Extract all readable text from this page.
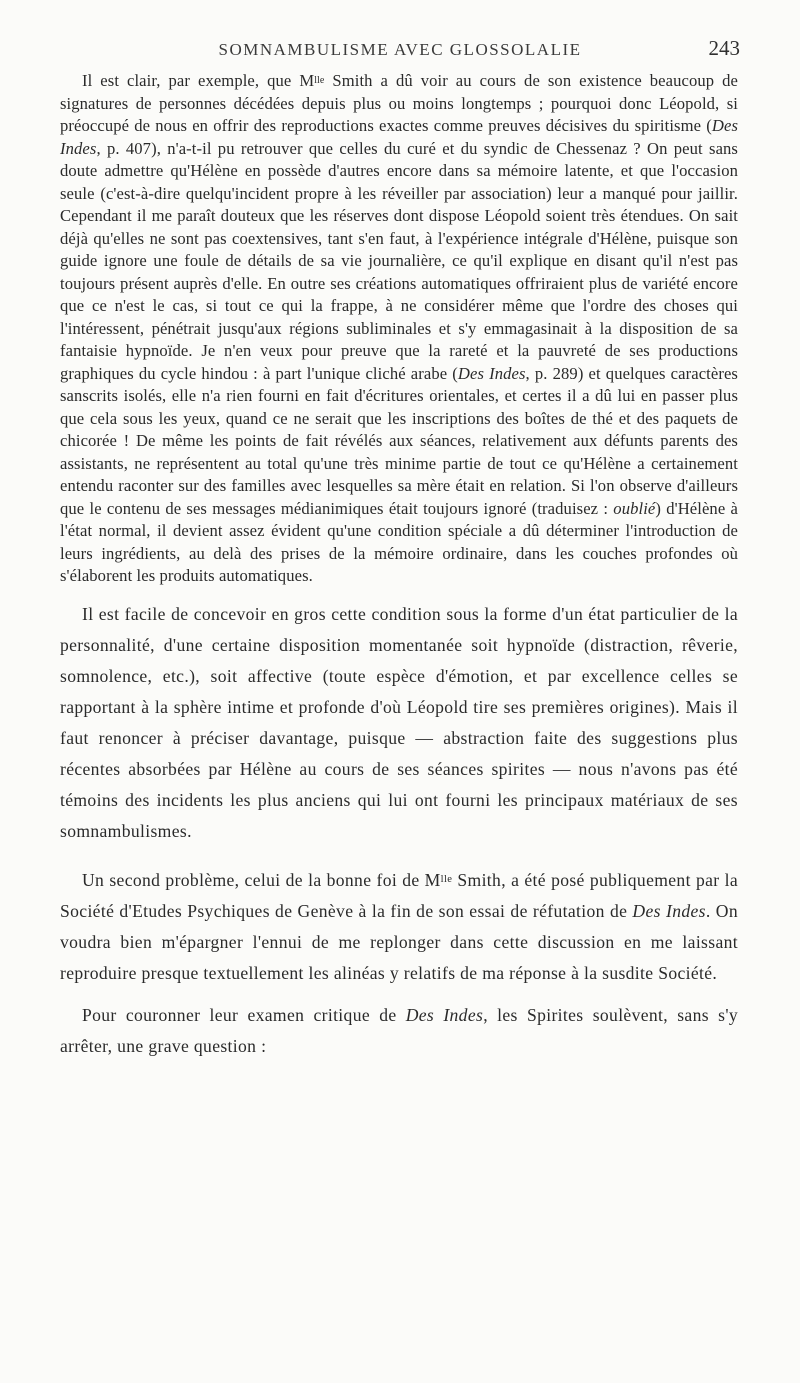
SOMNAMBULISME AVEC GLOSSOLALIE	243

Il est clair, par exemple, que $M^{lle}$ Smith a dû voir au cours de son existence beaucoup de signatures de personnes décédées depuis plus ou moins longtemps ; pourquoi donc Léopold, si préoccupé de nous en offrir des reproductions exactes comme preuves décisives du spiritisme (Des Indes, p. 407), n'a-t-il pu retrouver que celles du curé et du syndic de Chessenaz ? On peut sans doute admettre qu'Hélène en possède d'autres encore dans sa mémoire latente, et que l'occasion seule (c'est-à-dire quelqu'incident propre à les réveiller par association) leur a manqué pour jaillir. Cependant il me paraît douteux que les réserves dont dispose Léopold soient très étendues. On sait déjà qu'elles ne sont pas coextensives, tant s'en faut, à l'expérience intégrale d'Hélène, puisque son guide ignore une foule de détails de sa vie journalière, ce qu'il explique en disant qu'il n'est pas toujours présent auprès d'elle. En outre ses créations automatiques offriraient plus de variété encore que ce n'est le cas, si tout ce qui la frappe, à ne considérer même que l'ordre des choses qui l'intéressent, pénétrait jusqu'aux régions subliminales et s'y emmagasinait à la disposition de sa fantaisie hypnoïde. Je n'en veux pour preuve que la rareté et la pauvreté de ses productions graphiques du cycle hindou : à part l'unique cliché arabe (Des Indes, p. 289) et quelques caractères sanscrits isolés, elle n'a rien fourni en fait d'écritures orientales, et certes il a dû lui en passer plus que cela sous les yeux, quand ce ne serait que les inscriptions des boîtes de thé et des paquets de chicorée ! De même les points de fait révélés aux séances, relativement aux défunts parents des assistants, ne représentent au total qu'une très minime partie de tout ce qu'Hélène a certainement entendu raconter sur des familles avec lesquelles sa mère était en relation. Si l'on observe d'ailleurs que le contenu de ses messages médianimiques était toujours ignoré (traduisez : oublié) d'Hélène à l'état normal, il devient assez évident qu'une condition spéciale a dû déterminer l'introduction de leurs ingrédients, au delà des prises de la mémoire ordinaire, dans les couches profondes où s'élaborent les produits automatiques.

Il est facile de concevoir en gros cette condition sous la forme d'un état particulier de la personnalité, d'une certaine disposition momentanée soit hypnoïde (distraction, rêverie, somnolence, etc.), soit affective (toute espèce d'émotion, et par excellence celles se rapportant à la sphère intime et profonde d'où Léopold tire ses premières origines). Mais il faut renoncer à préciser davantage, puisque — abstraction faite des suggestions plus récentes absorbées par Hélène au cours de ses séances spirites — nous n'avons pas été témoins des incidents les plus anciens qui lui ont fourni les principaux matériaux de ses somnambulismes.

Un second problème, celui de la bonne foi de $M^{lle}$ Smith, a été posé publiquement par la Société d'Etudes Psychiques de Genève à la fin de son essai de réfutation de Des Indes. On voudra bien m'épargner l'ennui de me replonger dans cette discussion en me laissant reproduire presque textuellement les alinéas y relatifs de ma réponse à la susdite Société.

Pour couronner leur examen critique de Des Indes, les Spirites soulèvent, sans s'y arrêter, une grave question :
